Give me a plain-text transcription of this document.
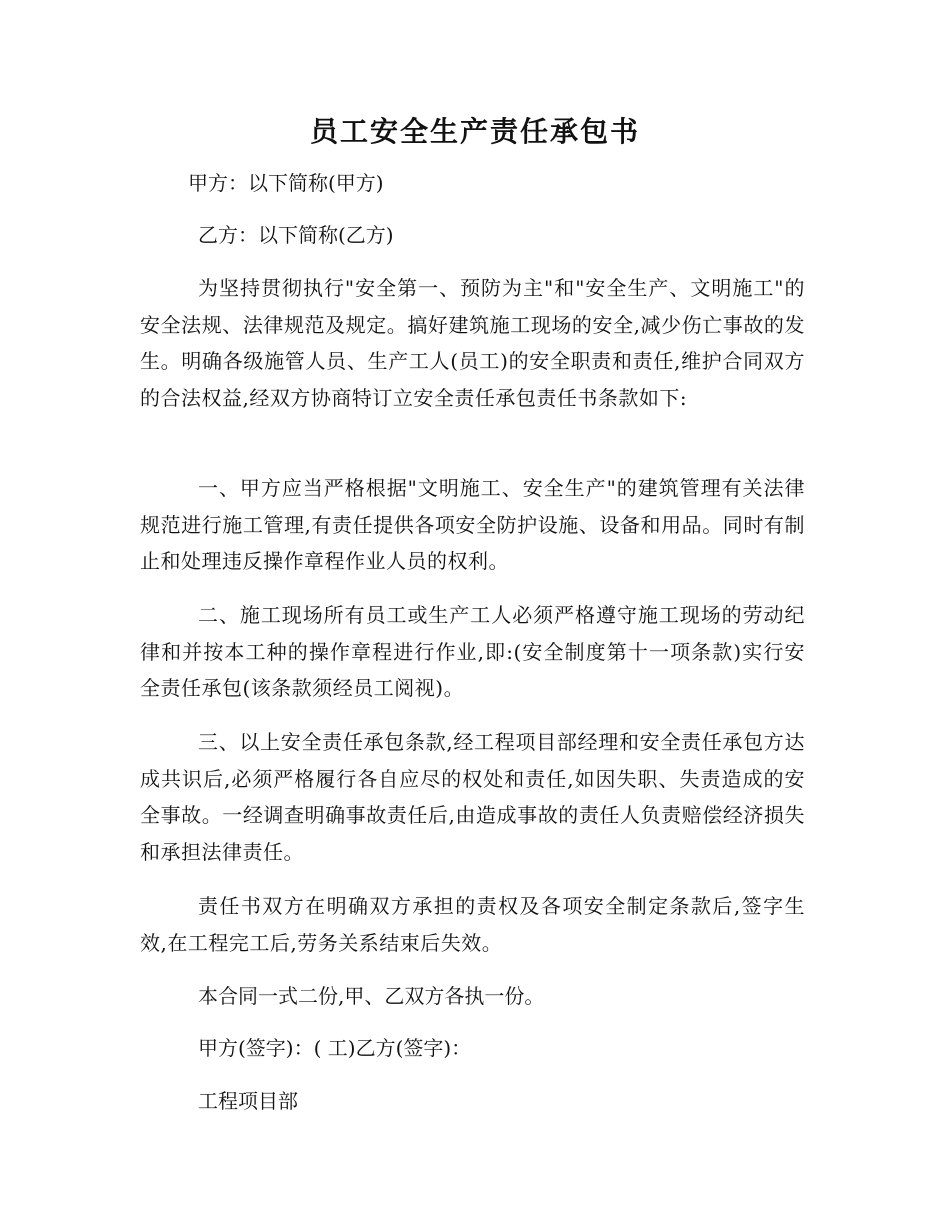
员工安全生产责任承包书

甲方：以下简称(甲方)

乙方：以下简称(乙方)

为坚持贯彻执行"安全第一、预防为主"和"安全生产、文明施工"的安全法规、法律规范及规定。搞好建筑施工现场的安全,减少伤亡事故的发生。明确各级施管人员、生产工人(员工)的安全职责和责任,维护合同双方的合法权益,经双方协商特订立安全责任承包责任书条款如下:

一、甲方应当严格根据"文明施工、安全生产"的建筑管理有关法律规范进行施工管理,有责任提供各项安全防护设施、设备和用品。同时有制止和处理违反操作章程作业人员的权利。

二、施工现场所有员工或生产工人必须严格遵守施工现场的劳动纪律和并按本工种的操作章程进行作业,即:(安全制度第十一项条款)实行安全责任承包(该条款须经员工阅视)。

三、以上安全责任承包条款,经工程项目部经理和安全责任承包方达成共识后,必须严格履行各自应尽的权处和责任,如因失职、失责造成的安全事故。一经调查明确事故责任后,由造成事故的责任人负责赔偿经济损失和承担法律责任。

责任书双方在明确双方承担的责权及各项安全制定条款后,签字生效,在工程完工后,劳务关系结束后失效。

本合同一式二份,甲、乙双方各执一份。

甲方(签字)：( 工)乙方(签字)：

工程项目部
